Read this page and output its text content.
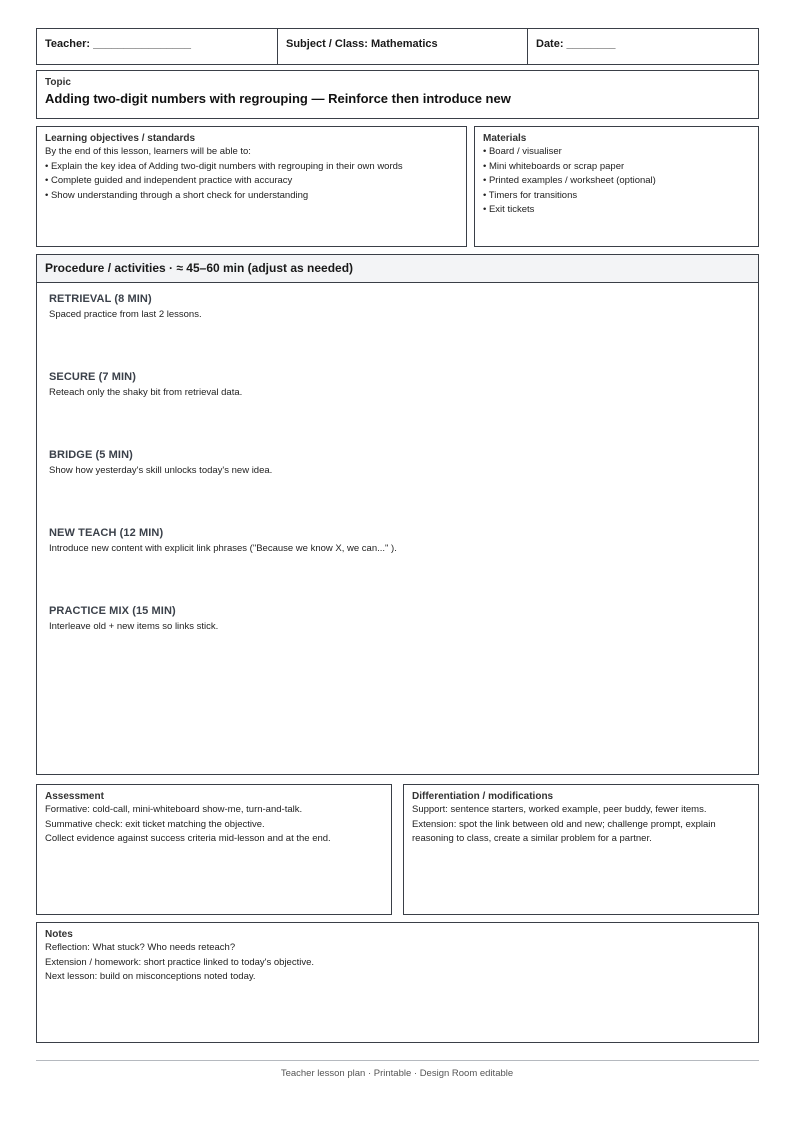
Teacher: ________________	Subject / Class: Mathematics	Date: ________
Topic
Adding two-digit numbers with regrouping — Reinforce then introduce new
Learning objectives / standards
By the end of this lesson, learners will be able to:
• Explain the key idea of Adding two-digit numbers with regrouping in their own words
• Complete guided and independent practice with accuracy
• Show understanding through a short check for understanding
Materials
• Board / visualiser
• Mini whiteboards or scrap paper
• Printed examples / worksheet (optional)
• Timers for transitions
• Exit tickets
Procedure / activities · ≈ 45–60 min (adjust as needed)
RETRIEVAL (8 MIN)
Spaced practice from last 2 lessons.
SECURE (7 MIN)
Reteach only the shaky bit from retrieval data.
BRIDGE (5 MIN)
Show how yesterday's skill unlocks today's new idea.
NEW TEACH (12 MIN)
Introduce new content with explicit link phrases ("Because we know X, we can..." ).
PRACTICE MIX (15 MIN)
Interleave old + new items so links stick.
Assessment
Formative: cold-call, mini-whiteboard show-me, turn-and-talk.
Summative check: exit ticket matching the objective.
Collect evidence against success criteria mid-lesson and at the end.
Differentiation / modifications
Support: sentence starters, worked example, peer buddy, fewer items.
Extension: spot the link between old and new; challenge prompt, explain
reasoning to class, create a similar problem for a partner.
Notes
Reflection: What stuck? Who needs reteach?
Extension / homework: short practice linked to today's objective.
Next lesson: build on misconceptions noted today.
Teacher lesson plan · Printable · Design Room editable
